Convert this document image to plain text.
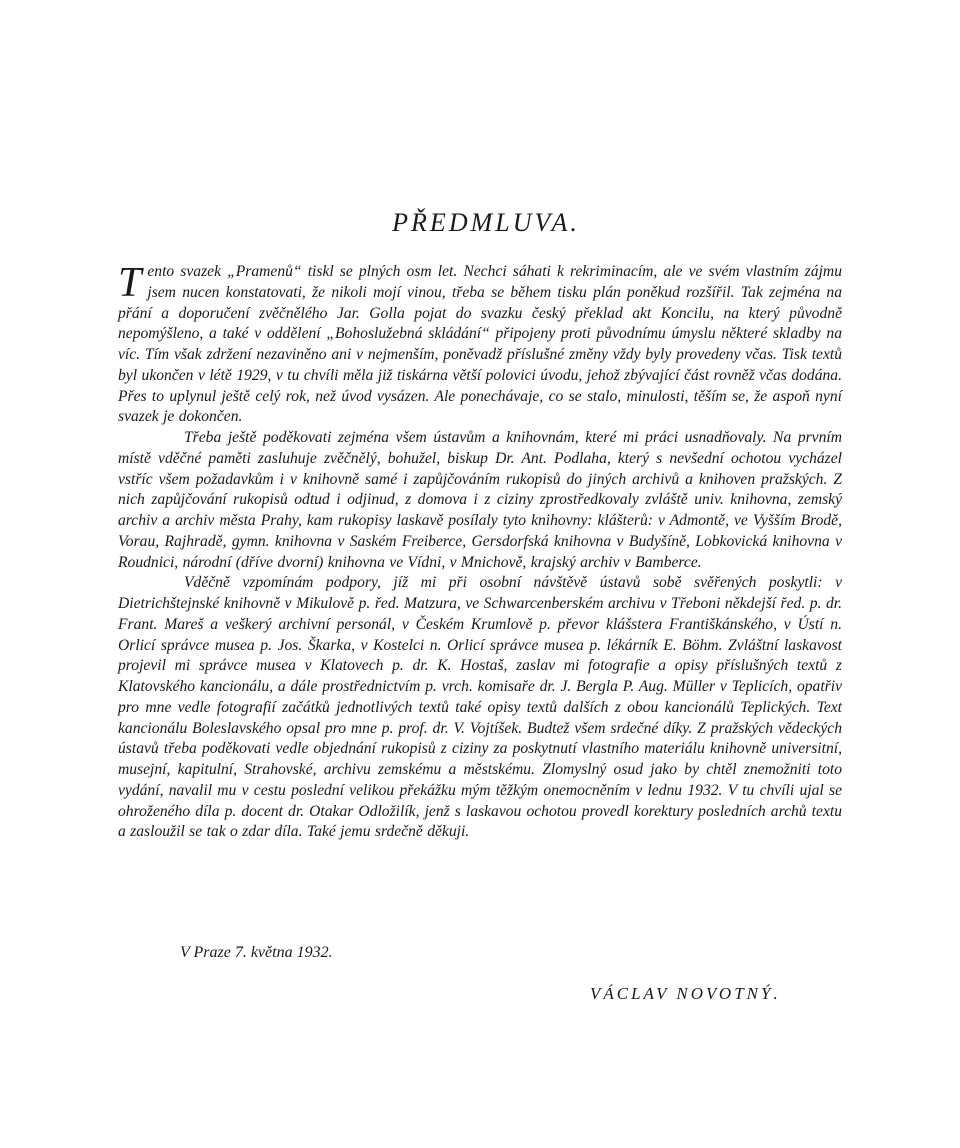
PŘEDMLUVA.

Tento svazek „Pramenů“ tiskl se plných osm let. Nechci sáhati k rekriminacím, ale ve svém vlastním zájmu jsem nucen konstatovati, že nikoli mojí vinou, třeba se během tisku plán poněkud rozšířil. Tak zejména na přání a doporučení zvěčnělého Jar. Golla pojat do svazku český překlad akt Koncilu, na který původně nepomýšleno, a také v oddělení „Bohoslužebná skládání“ připojeny proti původnímu úmyslu některé skladby na víc. Tím však zdržení nezaviněno ani v nejmenším, poněvadž příslušné změny vždy byly provedeny včas. Tisk textů byl ukončen v létě 1929, v tu chvíli měla již tiskárna větší polovici úvodu, jehož zbývající část rovněž včas dodána. Přes to uplynul ještě celý rok, než úvod vysázen. Ale ponechávaje, co se stalo, minulosti, těším se, že aspoň nyní svazek je dokončen.

Třeba ještě poděkovati zejména všem ústavům a knihovnám, které mi práci usnadňovaly. Na prvním místě vděčné paměti zasluhuje zvěčnělý, bohužel, biskup Dr. Ant. Podlaha, který s nevšední ochotou vycházel vstříc všem požadavkům i v knihovně samé i zapůjčováním rukopisů do jiných archivů a knihoven pražských. Z nich zapůjčování rukopisů odtud i odjinud, z domova i z ciziny zprostředkovaly zvláště univ. knihovna, zemský archiv a archiv města Prahy, kam rukopisy laskavě posílaly tyto knihovny: klášterů: v Admontě, ve Vyšším Brodě, Vorau, Rajhradě, gymn. knihovna v Saském Freiberce, Gersdorfská knihovna v Budyšíně, Lobkovická knihovna v Roudnici, národní (dříve dvorní) knihovna ve Vídni, v Mnichově, krajský archiv v Bamberce.

Vděčně vzpomínám podpory, jíž mi při osobní návštěvě ústavů sobě svěřených poskytli: v Dietrichštejnské knihovně v Mikulově p. řed. Matzura, ve Schwarcenberském archivu v Třeboni někdejší řed. p. dr. Frant. Mareš a veškerý archivní personál, v Českém Krumlově p. převor klášstera Františkánského, v Ústí n. Orlicí správce musea p. Jos. Škarka, v Kostelci n. Orlicí správce musea p. lékárník E. Böhm. Zvláštní laskavost projevil mi správce musea v Klatovech p. dr. K. Hostaš, zaslav mi fotografie a opisy příslušných textů z Klatovského kancionálu, a dále prostřednictvím p. vrch. komisaře dr. J. Bergla P. Aug. Müller v Teplicích, opatřiv pro mne vedle fotografií začátků jednotlivých textů také opisy textů dalších z obou kancionálů Teplických. Text kancionálu Boleslavského opsal pro mne p. prof. dr. V. Vojtíšek. Budtež všem srdečné díky. Z pražských vědeckých ústavů třeba poděkovati vedle objednání rukopisů z ciziny za poskytnutí vlastního materiálu knihovně universitní, musejní, kapitulní, Strahovské, archivu zemskému a městskému. Zlomyslný osud jako by chtěl znemožniti toto vydání, navalil mu v cestu poslední velikou překážku mým těžkým onemocněním v lednu 1932. V tu chvíli ujal se ohroženého díla p. docent dr. Otakar Odložilík, jenž s laskavou ochotou provedl korektury posledních archů textu a zasloužil se tak o zdar díla. Také jemu srdečně děkuji.

V Praze 7. května 1932.

VÁCLAV NOVOTNÝ.
